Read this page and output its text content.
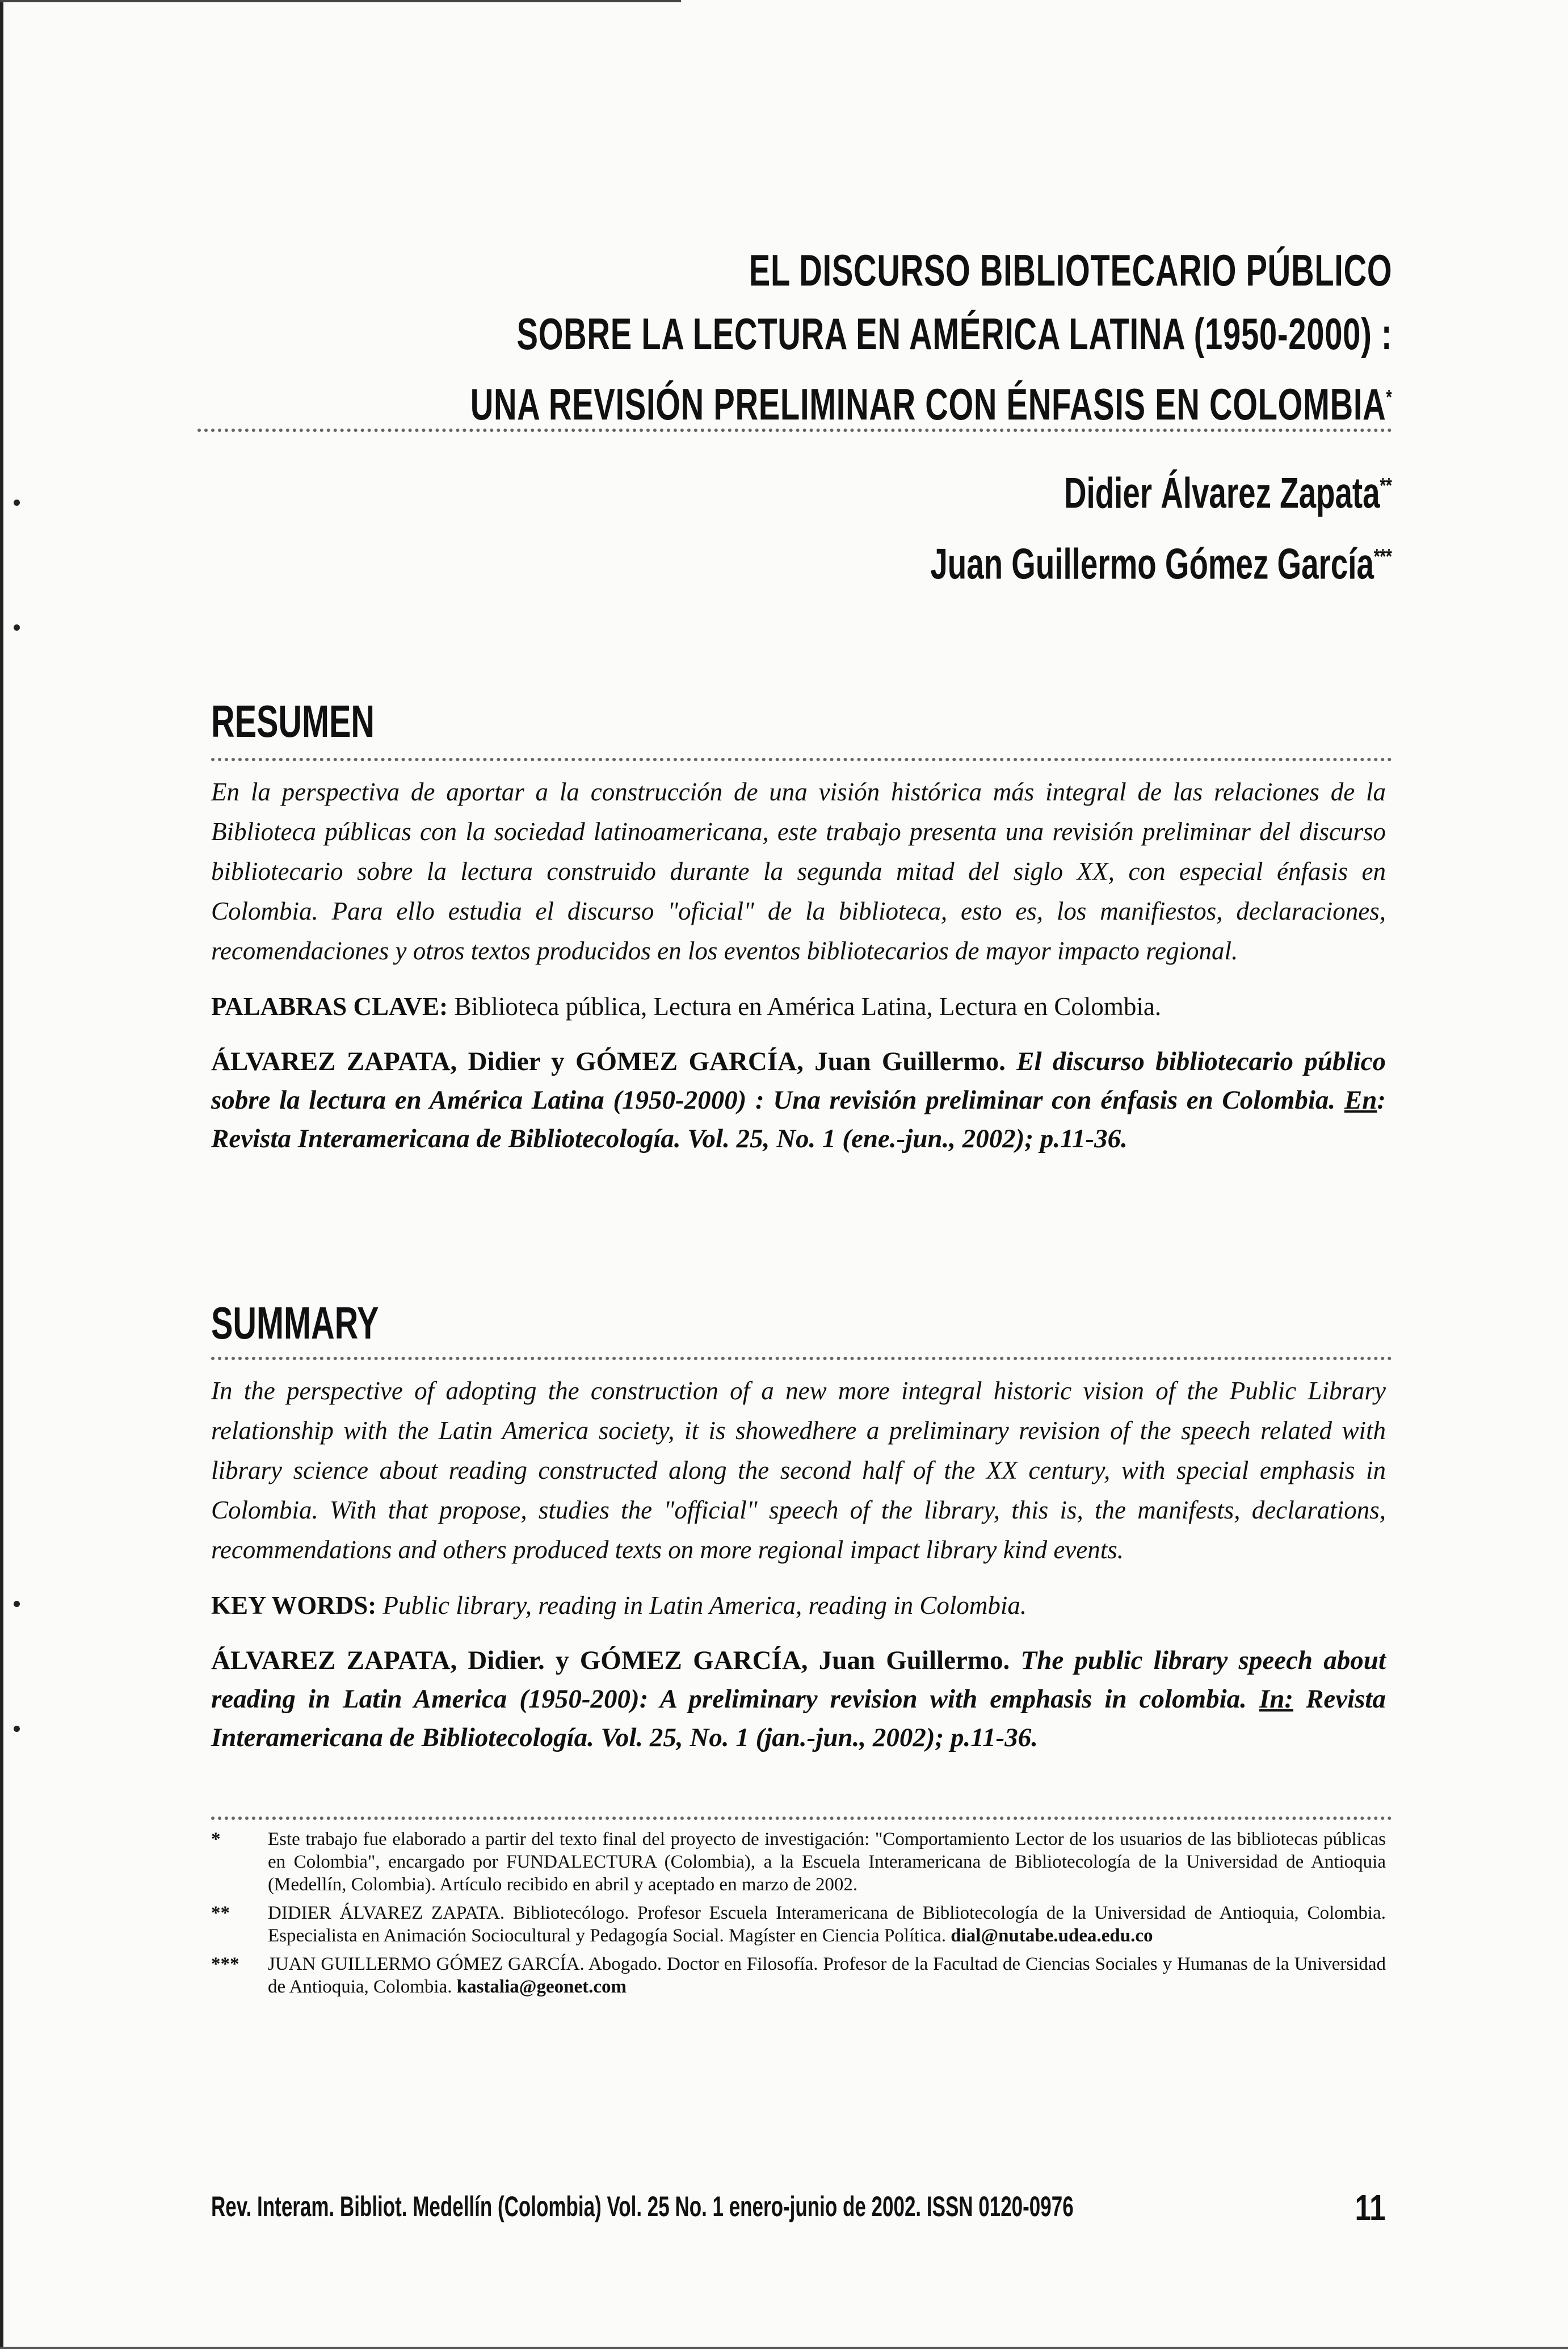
EL DISCURSO BIBLIOTECARIO PÚBLICO
SOBRE LA LECTURA EN AMÉRICA LATINA (1950-2000) :
UNA REVISIÓN PRELIMINAR CON ÉNFASIS EN COLOMBIA*
Didier Álvarez Zapata**
Juan Guillermo Gómez García***
RESUMEN

En la perspectiva de aportar a la construcción de una visión histórica más integral de las relaciones de la Biblioteca públicas con la sociedad latinoamericana, este trabajo presenta una revisión preliminar del discurso bibliotecario sobre la lectura construido durante la segunda mitad del siglo XX, con especial énfasis en Colombia. Para ello estudia el discurso "oficial" de la biblioteca, esto es, los manifiestos, declaraciones, recomendaciones y otros textos producidos en los eventos bibliotecarios de mayor impacto regional.

PALABRAS CLAVE: Biblioteca pública, Lectura en América Latina, Lectura en Colombia.

ÁLVAREZ ZAPATA, Didier y GÓMEZ GARCÍA, Juan Guillermo. El discurso bibliotecario público sobre la lectura en América Latina (1950-2000) : Una revisión preliminar con énfasis en Colombia. En: Revista Interamericana de Bibliotecología. Vol. 25, No. 1 (ene.-jun., 2002); p.11-36.

SUMMARY

In the perspective of adopting the construction of a new more integral historic vision of the Public Library relationship with the Latin America society, it is showedhere a preliminary revision of the speech related with library science about reading constructed along the second half of the XX century, with special emphasis in Colombia. With that propose, studies the "official" speech of the library, this is, the manifests, declarations, recommendations and others produced texts on more regional impact library kind events.

KEY WORDS: Public library, reading in Latin America, reading in Colombia.

ÁLVAREZ ZAPATA, Didier. y GÓMEZ GARCÍA, Juan Guillermo. The public library speech about reading in Latin America (1950-200): A preliminary revision with emphasis in colombia. In: Revista Interamericana de Bibliotecología. Vol. 25, No. 1 (jan.-jun., 2002); p.11-36.

*	Este trabajo fue elaborado a partir del texto final del proyecto de investigación: "Comportamiento Lector de los usuarios de las bibliotecas públicas en Colombia", encargado por FUNDALECTURA (Colombia), a la Escuela Interamericana de Bibliotecología de la Universidad de Antioquia (Medellín, Colombia). Artículo recibido en abril y aceptado en marzo de 2002.
** DIDIER ÁLVAREZ ZAPATA. Bibliotecólogo. Profesor Escuela Interamericana de Bibliotecología de la Universidad de Antioquia, Colombia. Especialista en Animación Sociocultural y Pedagogía Social. Magíster en Ciencia Política. dial@nutabe.udea.edu.co
*** JUAN GUILLERMO GÓMEZ GARCÍA. Abogado. Doctor en Filosofía. Profesor de la Facultad de Ciencias Sociales y Humanas de la Universidad de Antioquia, Colombia. kastalia@geonet.com
Rev. Interam. Bibliot. Medellín (Colombia) Vol. 25 No. 1 enero-junio de 2002. ISSN 0120-0976	11
